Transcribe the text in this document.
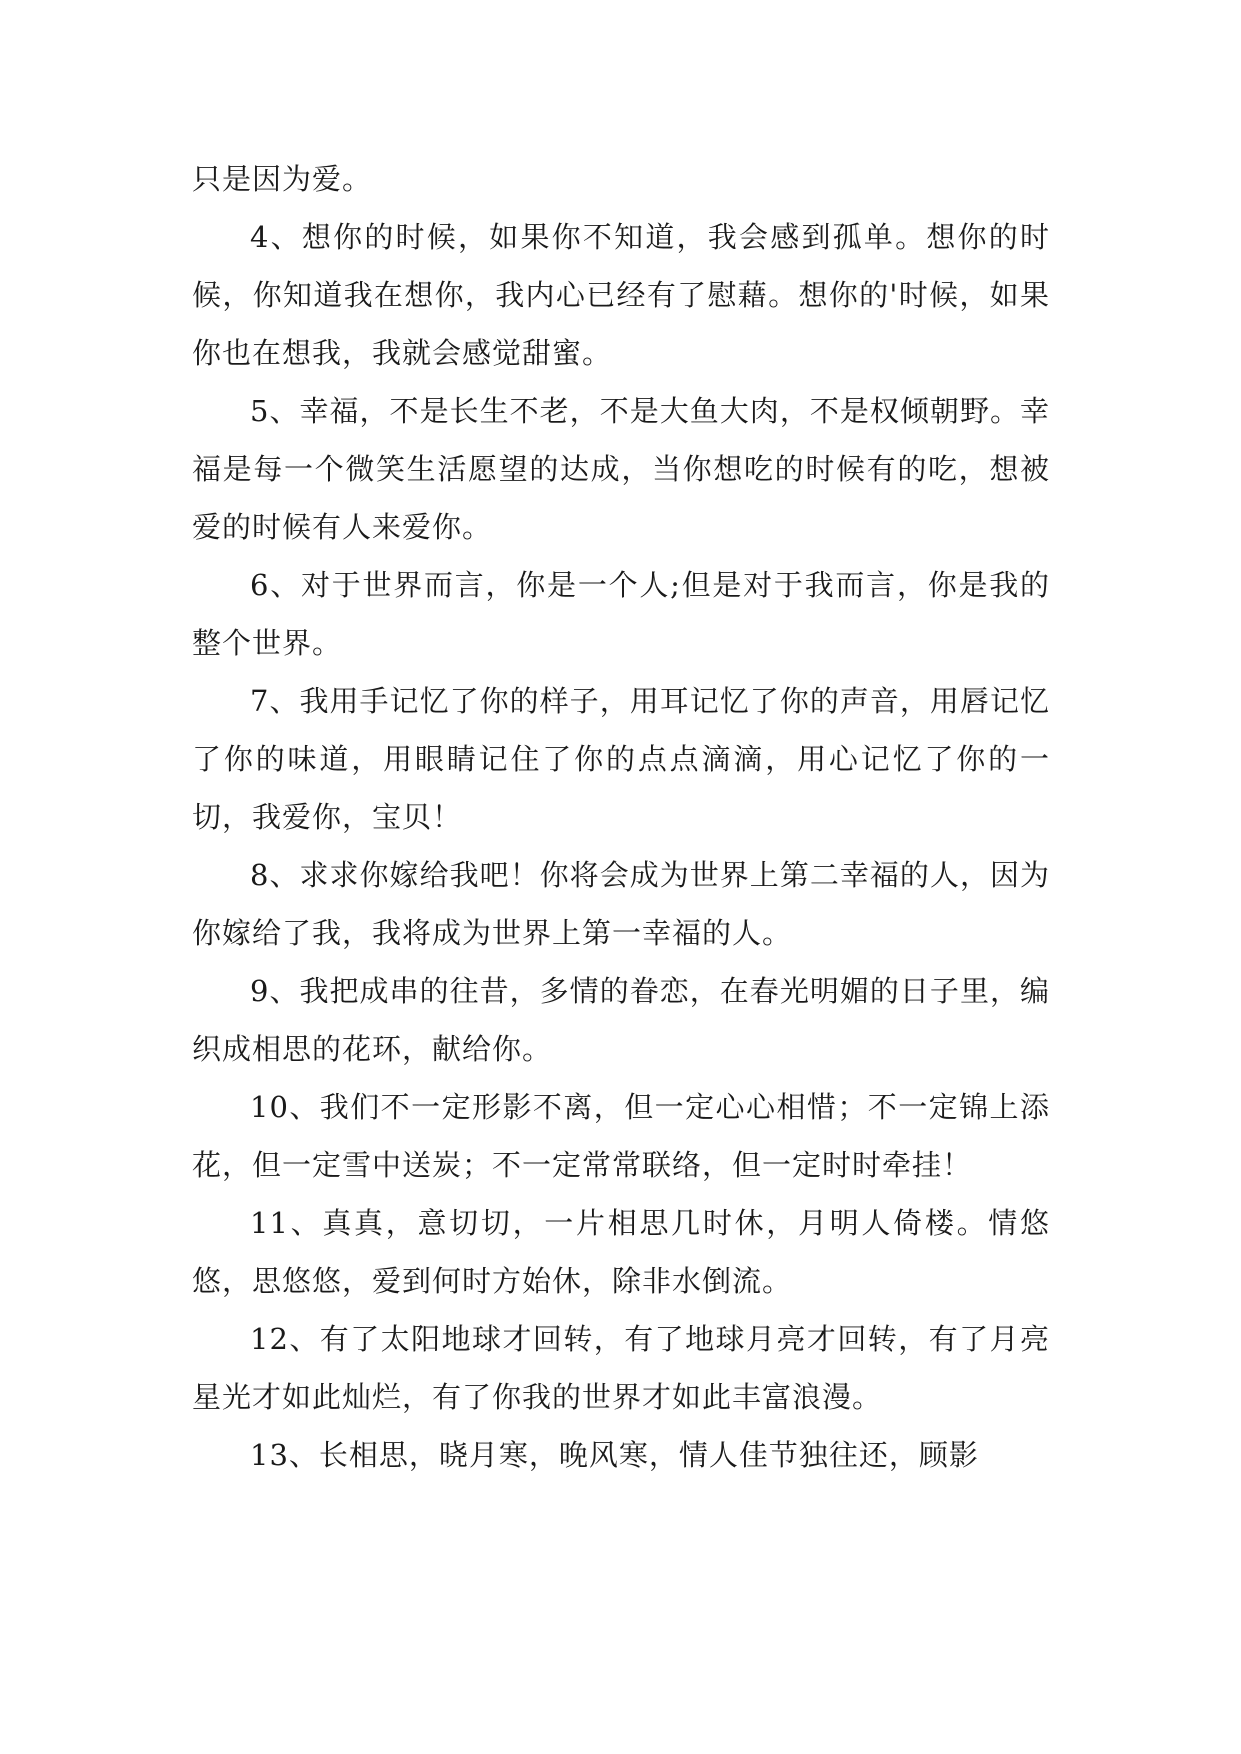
只是因为爱。

4、想你的时候，如果你不知道，我会感到孤单。想你的时候，你知道我在想你，我内心已经有了慰藉。想你的'时候，如果你也在想我，我就会感觉甜蜜。

5、幸福，不是长生不老，不是大鱼大肉，不是权倾朝野。幸福是每一个微笑生活愿望的达成，当你想吃的时候有的吃，想被爱的时候有人来爱你。

6、对于世界而言，你是一个人;但是对于我而言，你是我的整个世界。

7、我用手记忆了你的样子，用耳记忆了你的声音，用唇记忆了你的味道，用眼睛记住了你的点点滴滴，用心记忆了你的一切，我爱你，宝贝！

8、求求你嫁给我吧！你将会成为世界上第二幸福的人，因为你嫁给了我，我将成为世界上第一幸福的人。

9、我把成串的往昔，多情的眷恋，在春光明媚的日子里，编织成相思的花环，献给你。

10、我们不一定形影不离，但一定心心相惜；不一定锦上添花，但一定雪中送炭；不一定常常联络，但一定时时牵挂！

11、真真，意切切，一片相思几时休，月明人倚楼。情悠悠，思悠悠，爱到何时方始休，除非水倒流。

12、有了太阳地球才回转，有了地球月亮才回转，有了月亮星光才如此灿烂，有了你我的世界才如此丰富浪漫。

13、长相思，晓月寒，晚风寒，情人佳节独往还，顾影
